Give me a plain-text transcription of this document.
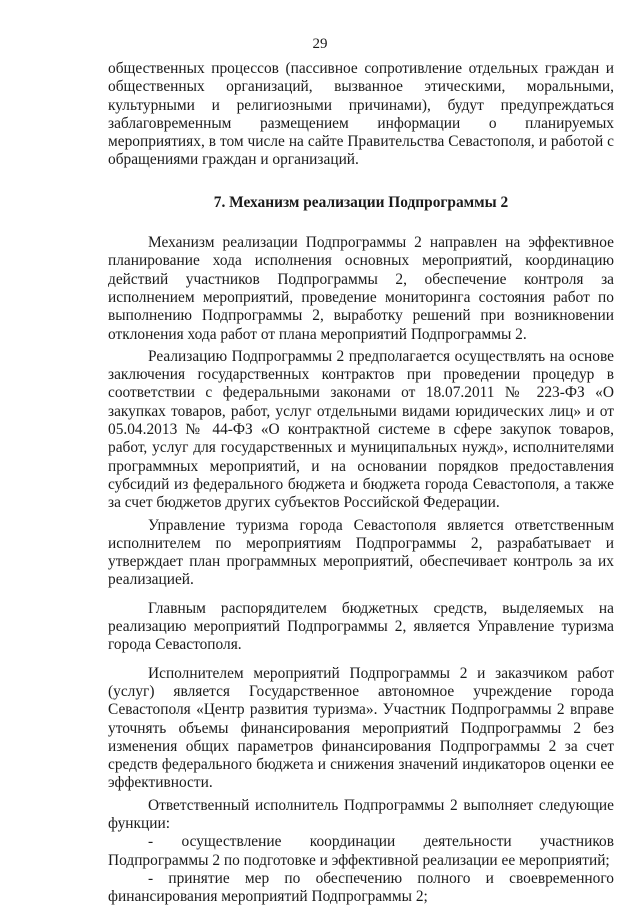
29

общественных процессов (пассивное сопротивление отдельных граждан и общественных организаций, вызванное этическими, моральными, культурными и религиозными причинами), будут предупреждаться заблаговременным размещением информации о планируемых мероприятиях, в том числе на сайте Правительства Севастополя, и работой с обращениями граждан и организаций.

7. Механизм реализации Подпрограммы 2

Механизм реализации Подпрограммы 2 направлен на эффективное планирование хода исполнения основных мероприятий, координацию действий участников Подпрограммы 2, обеспечение контроля за исполнением мероприятий, проведение мониторинга состояния работ по выполнению Подпрограммы 2, выработку решений при возникновении отклонения хода работ от плана мероприятий Подпрограммы 2.

Реализацию Подпрограммы 2 предполагается осуществлять на основе заключения государственных контрактов при проведении процедур в соответствии с федеральными законами от 18.07.2011 № 223-ФЗ «О закупках товаров, работ, услуг отдельными видами юридических лиц» и от 05.04.2013 № 44-ФЗ «О контрактной системе в сфере закупок товаров, работ, услуг для государственных и муниципальных нужд», исполнителями программных мероприятий, и на основании порядков предоставления субсидий из федерального бюджета и бюджета города Севастополя, а также за счет бюджетов других субъектов Российской Федерации.

Управление туризма города Севастополя является ответственным исполнителем по мероприятиям Подпрограммы 2, разрабатывает и утверждает план программных мероприятий, обеспечивает контроль за их реализацией.

Главным распорядителем бюджетных средств, выделяемых на реализацию мероприятий Подпрограммы 2, является Управление туризма города Севастополя.

Исполнителем мероприятий Подпрограммы 2 и заказчиком работ (услуг) является Государственное автономное учреждение города Севастополя «Центр развития туризма». Участник Подпрограммы 2 вправе уточнять объемы финансирования мероприятий Подпрограммы 2 без изменения общих параметров финансирования Подпрограммы 2 за счет средств федерального бюджета и снижения значений индикаторов оценки ее эффективности.

Ответственный исполнитель Подпрограммы 2 выполняет следующие функции:

- осуществление координации деятельности участников Подпрограммы 2 по подготовке и эффективной реализации ее мероприятий;

- принятие мер по обеспечению полного и своевременного финансирования мероприятий Подпрограммы 2;
